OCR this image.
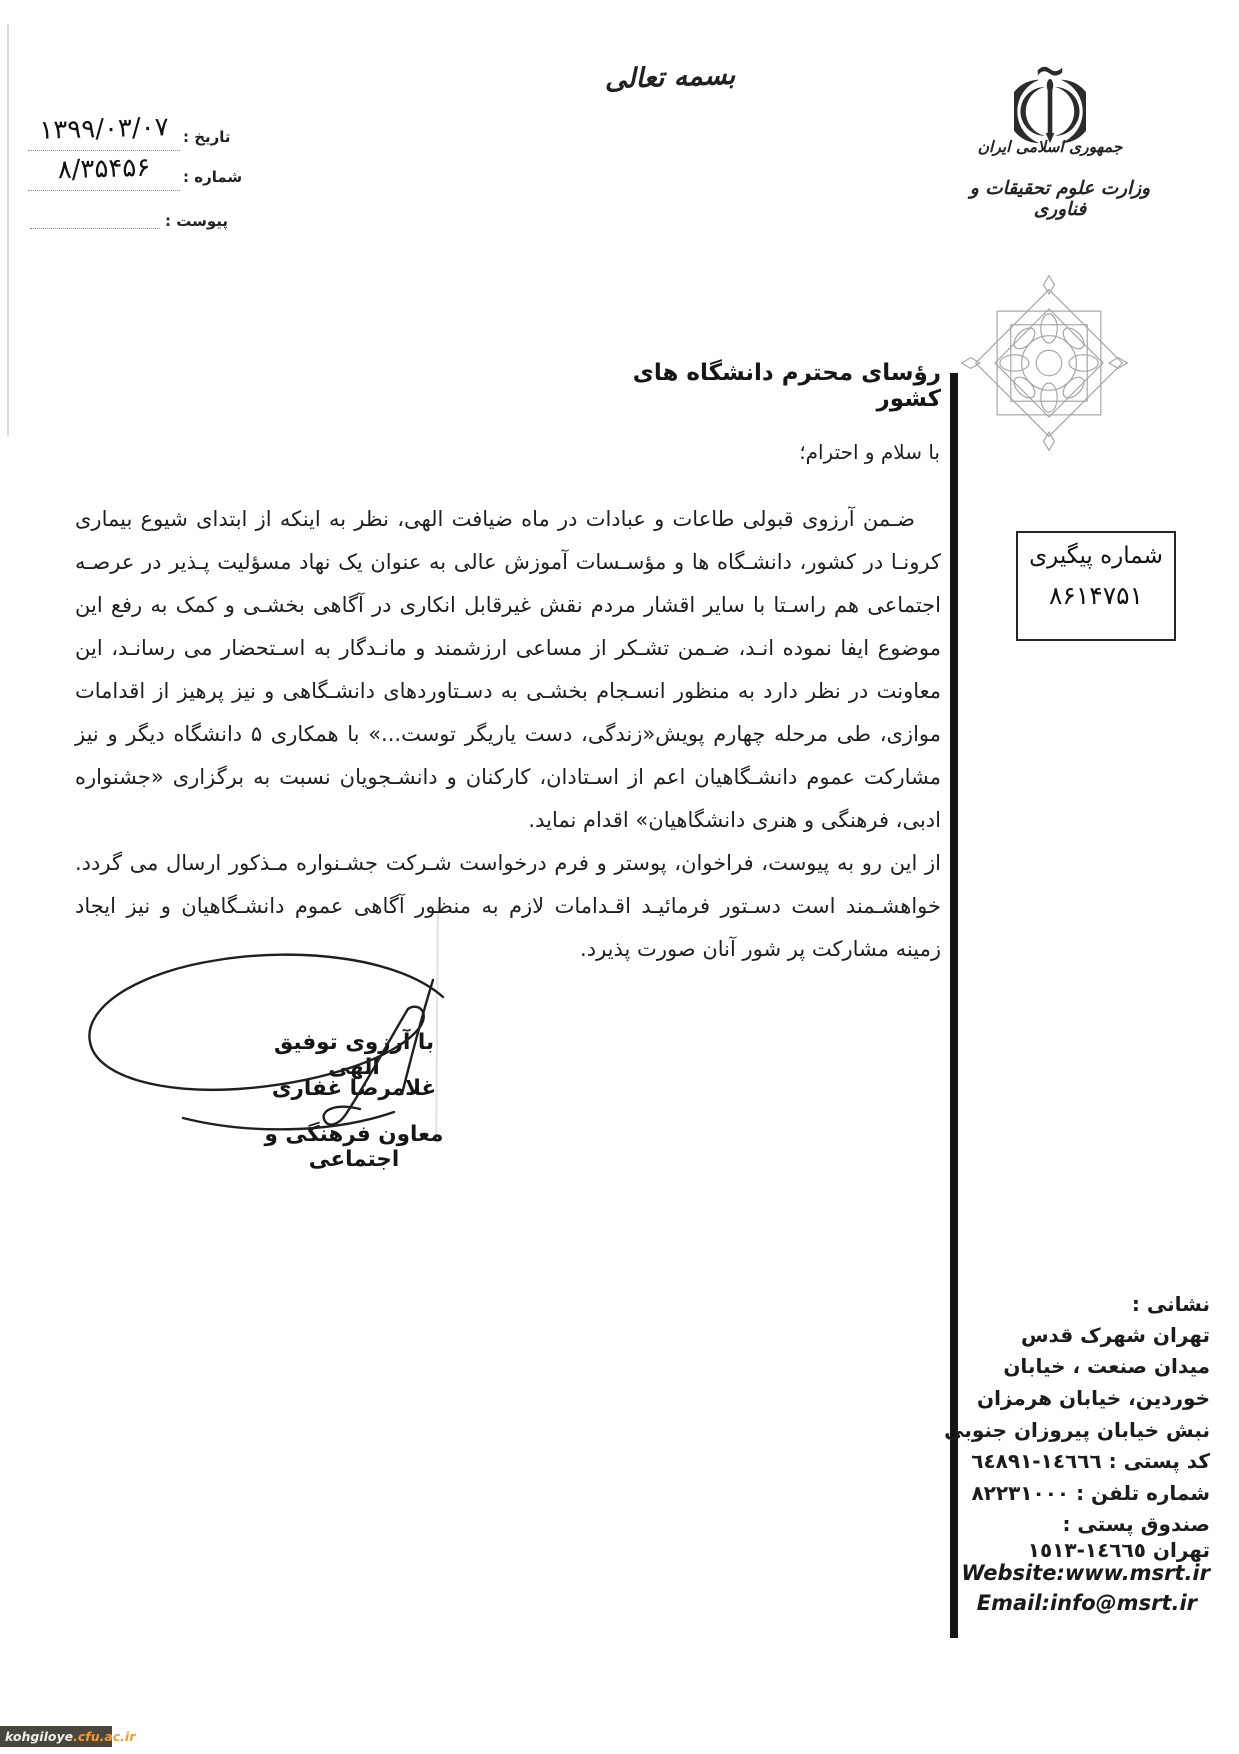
بسمه تعالی
تاریخ :
۱۳۹۹/۰۳/۰۷
شماره :
۸/۳۵۴۵۶
پیوست :
جمهوری اسلامی ایران
وزارت علوم تحقیقات و فناوری
شماره پیگیری
۸۶۱۴۷۵۱
رؤسای محترم دانشگاه های کشور
با سلام و احترام؛
ضـمن آرزوی قبولی طاعات و عبادات در ماه ضیافت الهی، نظر به اینکه از ابتدای شیوع بیماری
کرونـا در کشور، دانشـگاه ها و مؤسـسات آموزش عالی به عنوان یک نهاد مسؤلیت پـذیر در عرصـه
اجتماعی هم راسـتا با سایر اقشار مردم نقش غیرقابل انکاری در آگاهی بخشـی و کمک به رفع این
موضوع ایفا نموده انـد، ضـمن تشـکر از مساعی ارزشمند و مانـدگار به اسـتحضار می رسانـد، این
معاونت در نظر دارد به منظور انسـجام بخشـی به دسـتاوردهای دانشـگاهی و نیز پرهیز از اقدامات
موازی، طی مرحله چهارم پویش«زندگی، دست یاریگر توست...» با همکاری ۵ دانشگاه دیگر و نیز
مشارکت عموم دانشـگاهیان اعم از اسـتادان، کارکنان و دانشـجویان نسبت به برگزاری «جشنواره
ادبی، فرهنگی و هنری دانشگاهیان» اقدام نماید.
از این رو به پیوست، فراخوان، پوستر و فرم درخواست شـرکت جشـنواره مـذکور ارسال می گردد.
خواهشـمند است دسـتور فرمائیـد اقـدامات لازم به منظور آگاهی عموم دانشـگاهیان و نیز ایجاد
زمینه مشارکت پر شور آنان صورت پذیرد.
با آرزوی توفیق الهی
غلامرضا غفاری
معاون فرهنگی و اجتماعی
نشانی :
تهران شهرک قدس
میدان صنعت ، خیابان
خوردین، خیابان هرمزان
نبش خیابان پیروزان جنوبی
کد پستی : ١٤٦٦٦-٦٤٨٩١
شماره تلفن : ٨٢٢٣١٠٠٠
صندوق پستی :
تهران ١٤٦٦٥-١٥١٣
Website:www.msrt.ir
Email:info@msrt.ir
kohgiloye .cfu.ac.ir
